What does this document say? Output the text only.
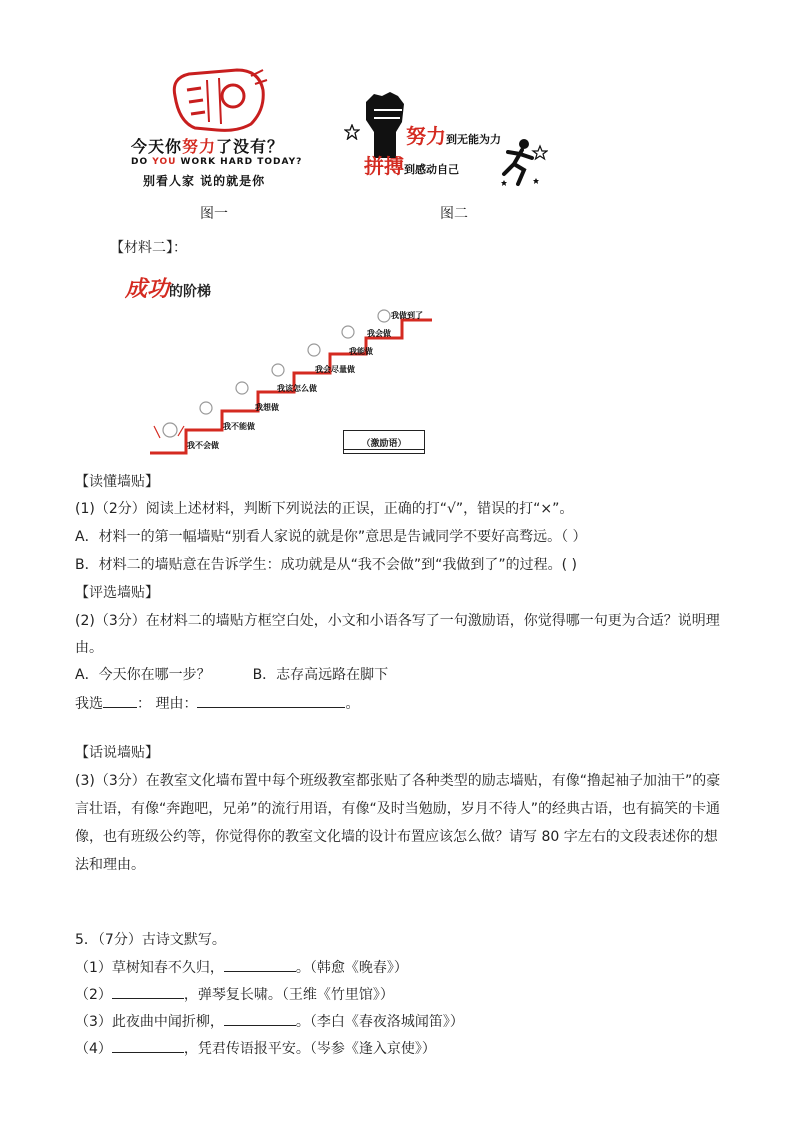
今天你努力了没有？
DO YOU WORK HARD TODAY?
别看人家 说的就是你
图一
努力到无能为力
拼搏到感动自己
图二
【材料二】：
成功的阶梯
我不会做
我不能做
我想做
我该怎么做
我会尽量做
我能做
我会做
我做到了
（激励语）
【读懂墙贴】
(1)（2分）阅读上述材料，判断下列说法的正误，正确的打“√”，错误的打“×”。
A．材料一的第一幅墙贴“别看人家说的就是你”意思是告诫同学不要好高骛远。（ ）
B．材料二的墙贴意在告诉学生：成功就是从“我不会做”到“我做到了”的过程。( )
【评选墙贴】
(2)（3分）在材料二的墙贴方框空白处，小文和小语各写了一句激励语，你觉得哪一句更为合适？说明理
由。
A．今天你在哪一步？	B．志存高远路在脚下
我选 ： 理由：	。
【话说墙贴】
(3)（3分）在教室文化墙布置中每个班级教室都张贴了各种类型的励志墙贴，有像“撸起袖子加油干”的豪
言壮语，有像“奔跑吧，兄弟”的流行用语，有像“及时当勉励，岁月不待人”的经典古语，也有搞笑的卡通
像，也有班级公约等，你觉得你的教室文化墙的设计布置应该怎么做？请写 80 字左右的文段表述你的想
法和理由。
5．（7分）古诗文默写。
（1）草树知春不久归，	。（韩愈《晚春》）
（2）	，弹琴复长啸。（王维《竹里馆》）
（3）此夜曲中闻折柳，	。（李白《春夜洛城闻笛》）
（4）	，凭君传语报平安。（岑参《逢入京使》）
